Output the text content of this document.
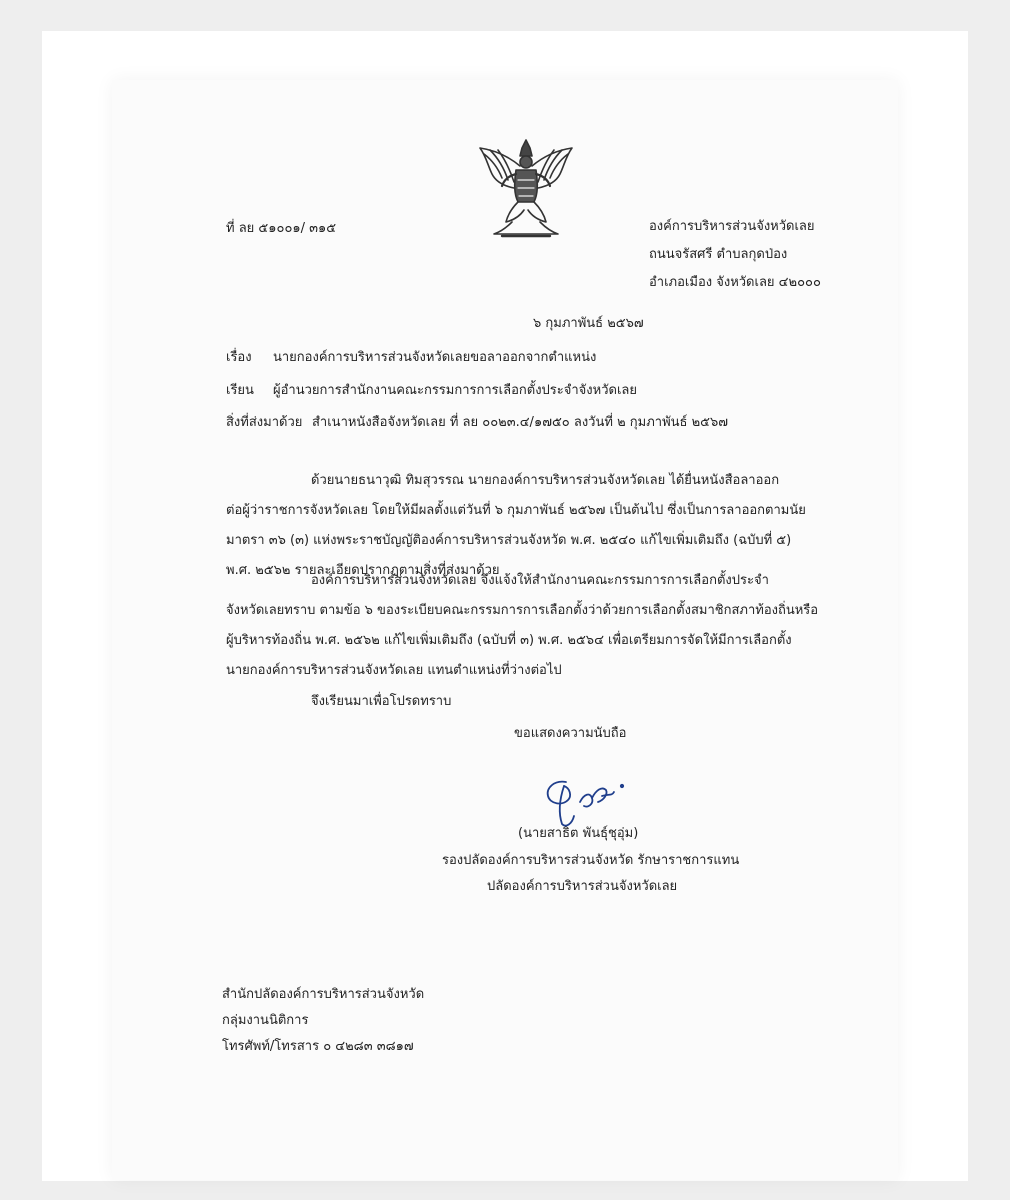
ที่ ลย ๕๑๐๐๑/ ๓๑๕	องค์การบริหารส่วนจังหวัดเลย
ถนนจรัสศรี ตำบลกุดป่อง
อำเภอเมือง จังหวัดเลย ๔๒๐๐๐
๖ กุมภาพันธ์ ๒๕๖๗
เรื่อง นายกองค์การบริหารส่วนจังหวัดเลยขอลาออกจากตำแหน่ง
เรียน ผู้อำนวยการสำนักงานคณะกรรมการการเลือกตั้งประจำจังหวัดเลย
สิ่งที่ส่งมาด้วย สำเนาหนังสือจังหวัดเลย ที่ ลย ๐๐๒๓.๔/๑๗๕๐ ลงวันที่ ๒ กุมภาพันธ์ ๒๕๖๗
ด้วยนายธนาวุฒิ ทิมสุวรรณ นายกองค์การบริหารส่วนจังหวัดเลย ได้ยื่นหนังสือลาออก
ต่อผู้ว่าราชการจังหวัดเลย โดยให้มีผลตั้งแต่วันที่ ๖ กุมภาพันธ์ ๒๕๖๗ เป็นต้นไป ซึ่งเป็นการลาออกตามนัย
มาตรา ๓๖ (๓) แห่งพระราชบัญญัติองค์การบริหารส่วนจังหวัด พ.ศ. ๒๕๔๐ แก้ไขเพิ่มเติมถึง (ฉบับที่ ๕)
พ.ศ. ๒๕๖๒ รายละเอียดปรากฏตามสิ่งที่ส่งมาด้วย
องค์การบริหารส่วนจังหวัดเลย จึงแจ้งให้สำนักงานคณะกรรมการการเลือกตั้งประจำ
จังหวัดเลยทราบ ตามข้อ ๖ ของระเบียบคณะกรรมการการเลือกตั้งว่าด้วยการเลือกตั้งสมาชิกสภาท้องถิ่นหรือ
ผู้บริหารท้องถิ่น พ.ศ. ๒๕๖๒ แก้ไขเพิ่มเติมถึง (ฉบับที่ ๓) พ.ศ. ๒๕๖๔ เพื่อเตรียมการจัดให้มีการเลือกตั้ง
นายกองค์การบริหารส่วนจังหวัดเลย แทนตำแหน่งที่ว่างต่อไป
จึงเรียนมาเพื่อโปรดทราบ
ขอแสดงความนับถือ
(นายสาธิต พันธุ์ชุอุ่ม)
รองปลัดองค์การบริหารส่วนจังหวัด รักษาราชการแทน
ปลัดองค์การบริหารส่วนจังหวัดเลย
สำนักปลัดองค์การบริหารส่วนจังหวัด
กลุ่มงานนิติการ
โทรศัพท์/โทรสาร ๐ ๔๒๘๓ ๓๘๑๗
